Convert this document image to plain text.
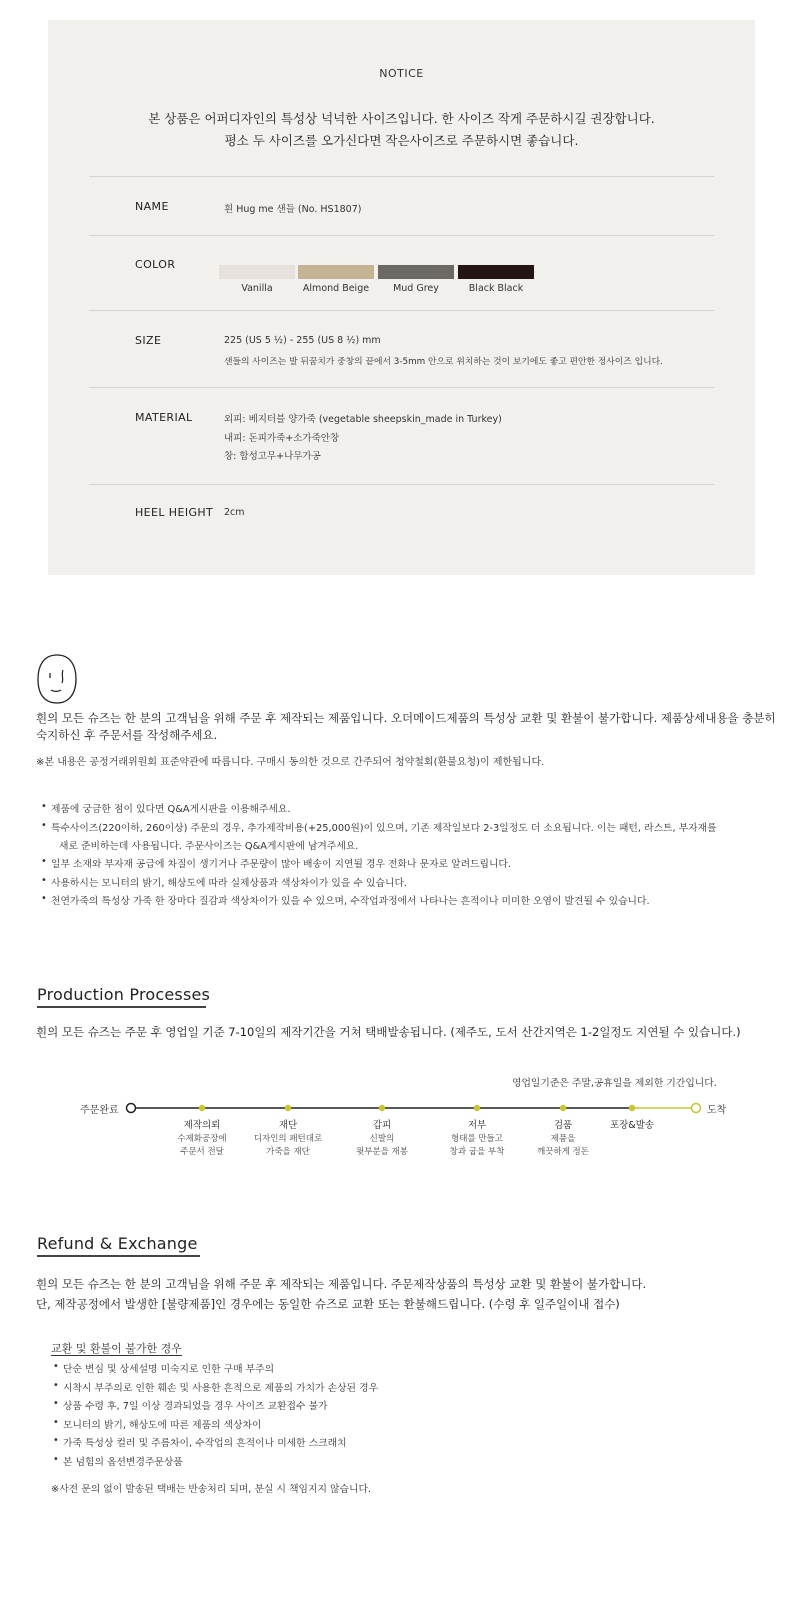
NOTICE
본 상품은 어퍼디자인의 특성상 넉넉한 사이즈입니다. 한 사이즈 작게 주문하시길 권장합니다.
평소 두 사이즈를 오가신다면 작은사이즈로 주문하시면 좋습니다.
NAME	흰 Hug me 샌들 (No. HS1807)
COLOR
Vanilla	Almond Beige	Mud Grey	Black Black
SIZE	225 (US 5 ½) - 255 (US 8 ½) mm
샌들의 사이즈는 발 뒤꿈치가 중창의 끝에서 3-5mm 안으로 위치하는 것이 보기에도 좋고 편안한 정사이즈 입니다.
MATERIAL	외피: 베지터블 양가죽 (vegetable sheepskin_made in Turkey)
내피: 돈피가죽+소가죽안창
창: 합성고무+나무가공
HEEL HEIGHT 2cm
흰의 모든 슈즈는 한 분의 고객님을 위해 주문 후 제작되는 제품입니다. 오더메이드제품의 특성상 교환 및 환불이 불가합니다. 제품상세내용을 충분히 숙지하신 후 주문서를 작성해주세요.
※본 내용은 공정거래위원회 표준약관에 따릅니다. 구매시 동의한 것으로 간주되어 청약철회(환불요청)이 제한됩니다.
• 제품에 궁금한 점이 있다면 Q&A게시판을 이용해주세요.
• 특수사이즈(220이하, 260이상) 주문의 경우, 추가제작비용(+25,000원)이 있으며, 기존 제작일보다 2-3일정도 더 소요됩니다. 이는 패턴, 라스트, 부자재를
새로 준비하는데 사용됩니다. 주문사이즈는 Q&A게시판에 남겨주세요.
• 일부 소재와 부자재 공급에 차질이 생기거나 주문량이 많아 배송이 지연될 경우 전화나 문자로 알려드립니다.
• 사용하시는 모니터의 밝기, 해상도에 따라 실제상품과 색상차이가 있을 수 있습니다.
• 천연가죽의 특성상 가죽 한 장마다 질감과 색상차이가 있을 수 있으며, 수작업과정에서 나타나는 흔적이나 미미한 오염이 발견될 수 있습니다.
Production Processes
흰의 모든 슈즈는 주문 후 영업일 기준 7-10일의 제작기간을 거쳐 택배발송됩니다. (제주도, 도서 산간지역은 1-2일정도 지연될 수 있습니다.)
영업일기준은 주말,공휴일을 제외한 기간입니다.
주문완료	도착
제작의뢰
수제화공장에
주문서 전달
재단
디자인의 패턴대로
가죽을 재단
갑피
신발의
윗부분을 재봉
저부
형태를 만들고
창과 굽을 부착
검품
제품을
깨끗하게 정돈
포장&발송
Refund & Exchange
흰의 모든 슈즈는 한 분의 고객님을 위해 주문 후 제작되는 제품입니다. 주문제작상품의 특성상 교환 및 환불이 불가합니다.
단, 제작공정에서 발생한 [불량제품]인 경우에는 동일한 슈즈로 교환 또는 환불해드립니다. (수령 후 일주일이내 접수)
교환 및 환불이 불가한 경우
• 단순 변심 및 상세설명 미숙지로 인한 구매 부주의
• 시착시 부주의로 인한 훼손 및 사용한 흔적으로 제품의 가치가 손상된 경우
• 상품 수령 후, 7일 이상 경과되었을 경우 사이즈 교환접수 불가
• 모니터의 밝기, 해상도에 따른 제품의 색상차이
• 가죽 특성상 컬러 및 주름차이, 수작업의 흔적이나 미세한 스크래치
• 본 넘힘의 옵션변경주문상품
※사전 문의 없이 발송된 택배는 반송처리 되며, 분실 시 책임지지 않습니다.
